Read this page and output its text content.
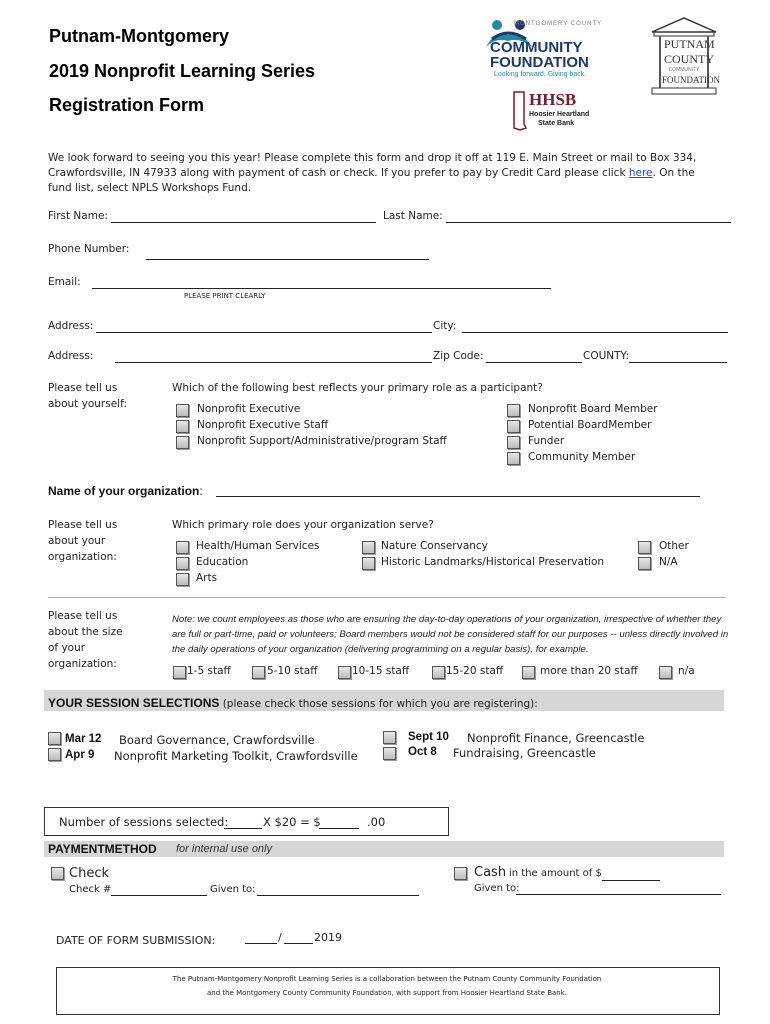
Putnam-Montgomery
2019 Nonprofit Learning Series
Registration Form
MONTGOMERY COUNTY
COMMUNITY
FOUNDATION
Looking forward. Giving back.
HHSB
Hoosier Heartland
State Bank
PUTNAM
COUNTY
COMMUNITY
FOUNDATION
We look forward to seeing you this year! Please complete this form and drop it off at 119 E. Main Street or mail to Box 334, Crawfordsville, IN 47933 along with payment of cash or check. If you prefer to pay by Credit Card please click here. On the fund list, select NPLS Workshops Fund.
First Name:	Last Name:
Phone Number:
Email:
PLEASE PRINT CLEARLY
Address:	City:
Address:	Zip Code:	COUNTY:
Please tell us
about yourself:
Which of the following best reflects your primary role as a participant?
Nonprofit Executive
Nonprofit Executive Staff
Nonprofit Support/Administrative/program Staff
Nonprofit Board Member
Potential BoardMember
Funder
Community Member
Name of your organization:
Please tell us
about your
organization:
Which primary role does your organization serve?
Health/Human Services
Education
Arts
Nature Conservancy
Historic Landmarks/Historical Preservation
Other
N/A
Please tell us
about the size
of your
organization:
Note: we count employees as those who are ensuring the day-to-day operations of your organization, irrespective of whether they
are full or part-time, paid or volunteers; Board members would not be considered staff for our purposes -- unless directly involved in
the daily operations of your organization (delivering programming on a regular basis), for example.
1-5 staff	5-10 staff	10-15 staff	15-20 staff	more than 20 staff	n/a
YOUR SESSION SELECTIONS (please check those sessions for which you are registering):
Mar 12 Board Governance, Crawfordsville
Apr 9 Nonprofit Marketing Toolkit, Crawfordsville
Sept 10 Nonprofit Finance, Greencastle
Oct 8 Fundraising, Greencastle
Number of sessions selected:	X $20 = $	.00
PAYMENTMETHOD for internal use only
Check
Check #	Given to:
Cash in the amount of $
Given to:
DATE OF FORM SUBMISSION:	/	2019
The Putnam-Montgomery Nonprofit Learning Series is a collaboration between the Putnam County Community Foundation
and the Montgomery County Community Foundation, with support from Hoosier Heartland State Bank.
